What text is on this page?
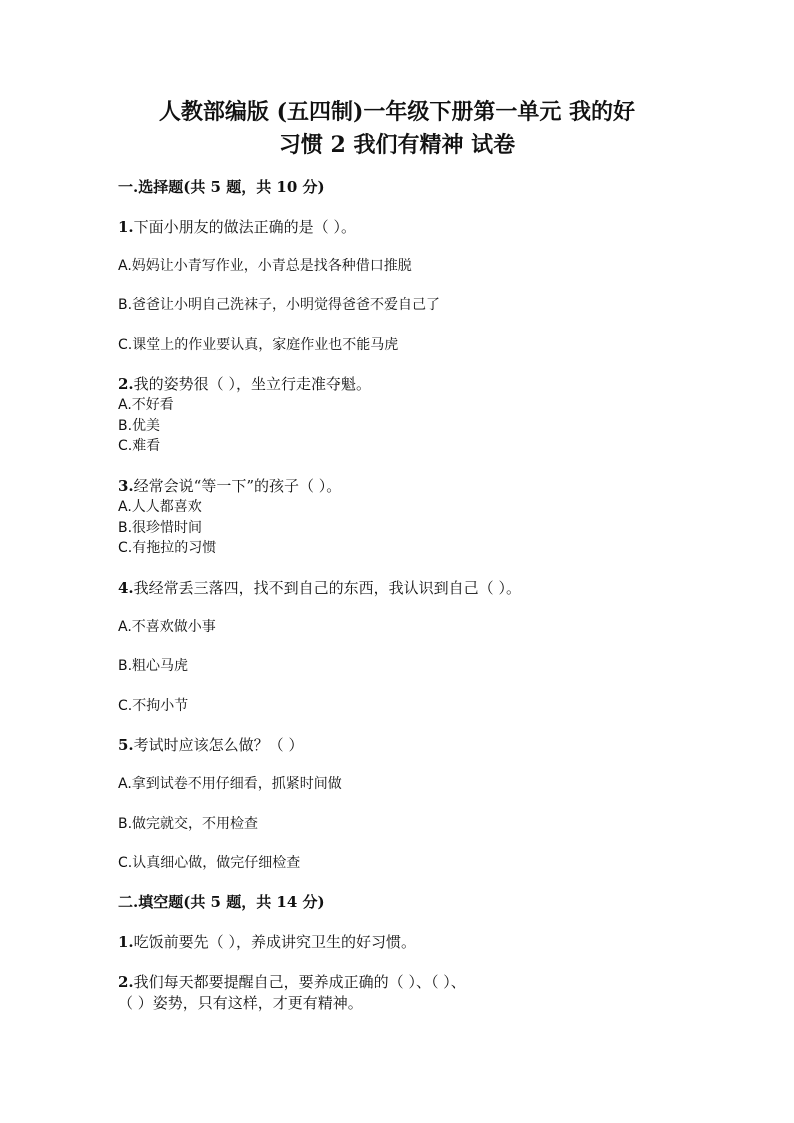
人教部编版 (五四制)一年级下册第一单元 我的好
习惯 2 我们有精神 试卷
一.选择题(共 5 题，共 10 分)
1.下面小朋友的做法正确的是（ ）。
A.妈妈让小青写作业，小青总是找各种借口推脱
B.爸爸让小明自己洗袜子，小明觉得爸爸不爱自己了
C.课堂上的作业要认真，家庭作业也不能马虎
2.我的姿势很（ ），坐立行走准夺魁。
A.不好看
B.优美
C.难看
3.经常会说“等一下”的孩子（ ）。
A.人人都喜欢
B.很珍惜时间
C.有拖拉的习惯
4.我经常丢三落四，找不到自己的东西，我认识到自己（ ）。
A.不喜欢做小事
B.粗心马虎
C.不拘小节
5.考试时应该怎么做？（ ）
A.拿到试卷不用仔细看，抓紧时间做
B.做完就交，不用检查
C.认真细心做，做完仔细检查
二.填空题(共 5 题，共 14 分)
1.吃饭前要先（ ），养成讲究卫生的好习惯。
2.我们每天都要提醒自己，要养成正确的（ ）、（ ）、
（ ）姿势，只有这样，才更有精神。
